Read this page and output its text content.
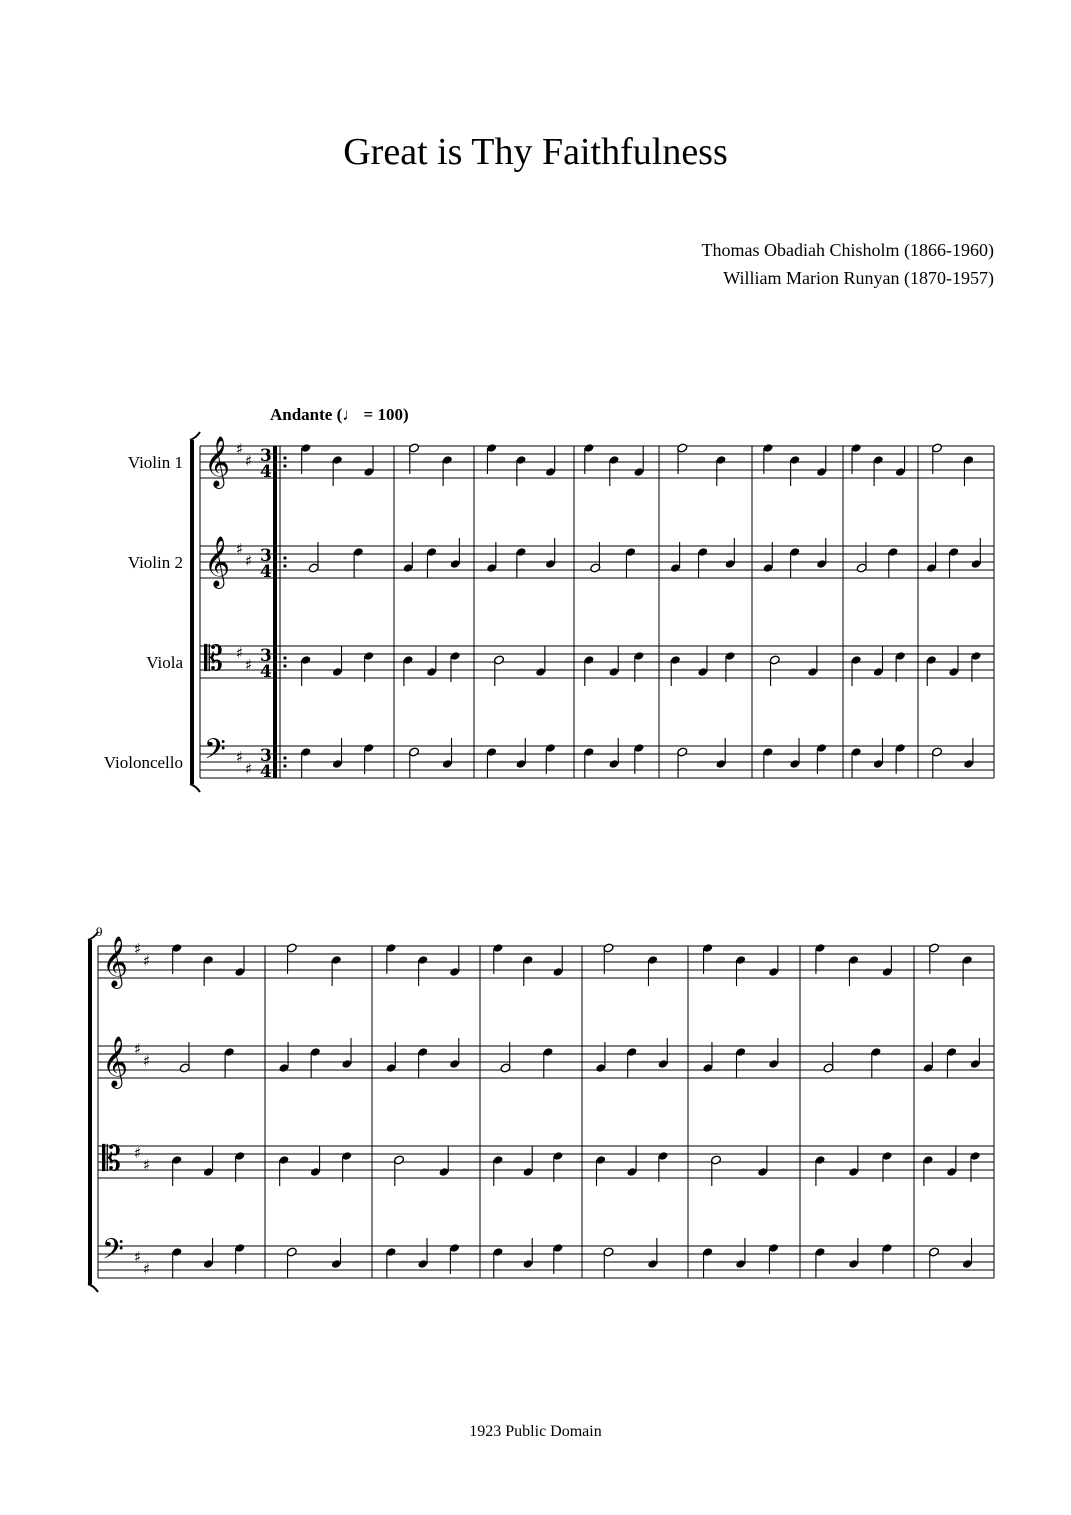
Great is Thy Faithfulness
Thomas Obadiah Chisholm (1866-1960)
William Marion Runyan (1870-1957)
Andante (♩ = 100)
Violin 1
Violin 2
Viola
Violoncello
9
1923 Public Domain
𝄞 ♯
♯ 3
4
𝄞 ♯
♯ 3
4
𝄡 ♯
♯ 3
4
𝄢 ♯
♯
3
4
𝄞 ♯
♯
𝄞 ♯
♯
𝄡 ♯
♯
𝄢 ♯
♯
